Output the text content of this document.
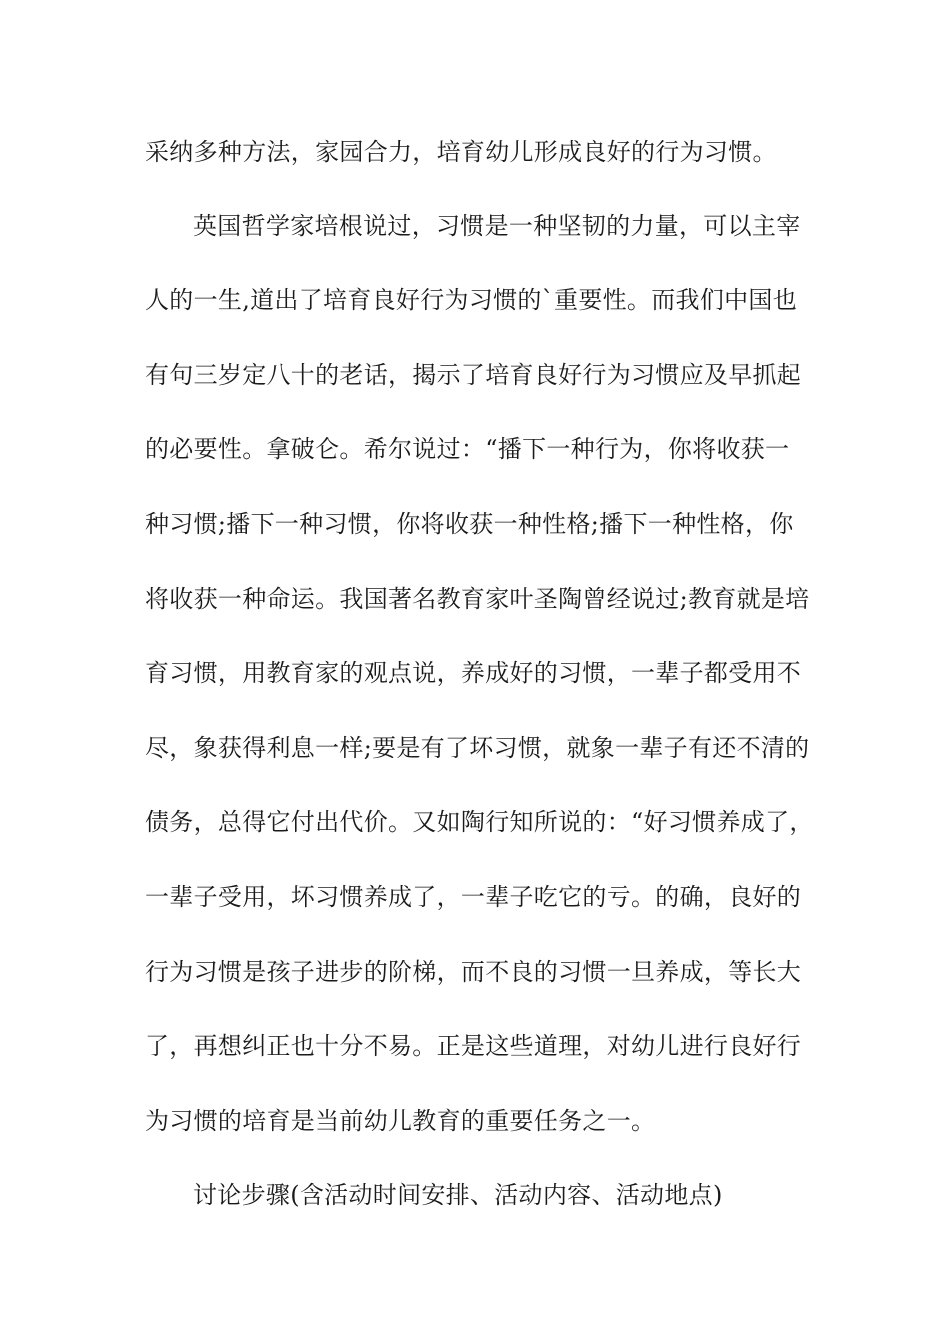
采纳多种方法，家园合力，培育幼儿形成良好的行为习惯。
英国哲学家培根说过，习惯是一种坚韧的力量，可以主宰
人的一生,道出了培育良好行为习惯的`重要性。而我们中国也
有句三岁定八十的老话，揭示了培育良好行为习惯应及早抓起
的必要性。拿破仑。希尔说过：“播下一种行为，你将收获一
种习惯;播下一种习惯，你将收获一种性格;播下一种性格，你
将收获一种命运。我国著名教育家叶圣陶曾经说过;教育就是培
育习惯，用教育家的观点说，养成好的习惯，一辈子都受用不
尽，象获得利息一样;要是有了坏习惯，就象一辈子有还不清的
债务，总得它付出代价。又如陶行知所说的：“好习惯养成了，
一辈子受用，坏习惯养成了，一辈子吃它的亏。的确，良好的
行为习惯是孩子进步的阶梯，而不良的习惯一旦养成，等长大
了，再想纠正也十分不易。正是这些道理，对幼儿进行良好行
为习惯的培育是当前幼儿教育的重要任务之一。
讨论步骤(含活动时间安排、活动内容、活动地点)
